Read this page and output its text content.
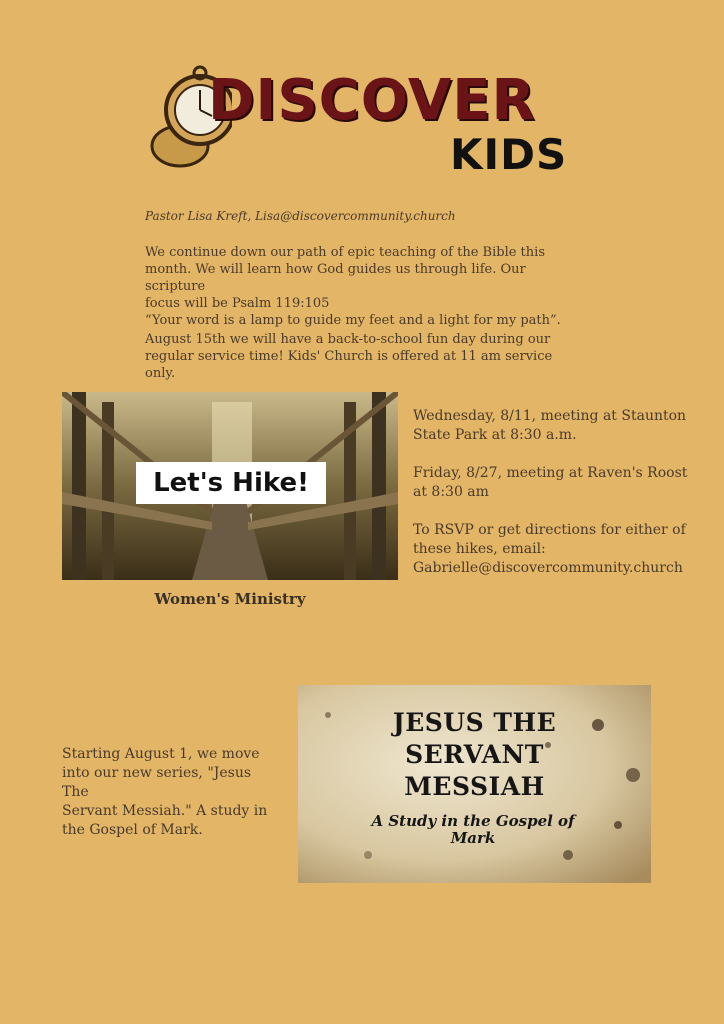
DISCOVER
KIDS
Pastor Lisa Kreft, Lisa@discovercommunity.church
We continue down our path of epic teaching of the Bible this
month. We will learn how God guides us through life. Our scripture
focus will be Psalm 119:105
“Your word is a lamp to guide my feet and a light for my path”.
August 15th we will have a back-to-school fun day during our
regular service time! Kids' Church is offered at 11 am service only.
Let's Hike!
Women's Ministry
Wednesday, 8/11, meeting at Staunton
State Park at 8:30 a.m.
Friday, 8/27, meeting at Raven's Roost
at 8:30 am
To RSVP or get directions for either of
these hikes, email:
Gabrielle@discovercommunity.church
Starting August 1, we move
into our new series, "Jesus The
Servant Messiah." A study in
the Gospel of Mark.
JESUS THE
SERVANT
MESSIAH
A Study in the Gospel of
Mark
